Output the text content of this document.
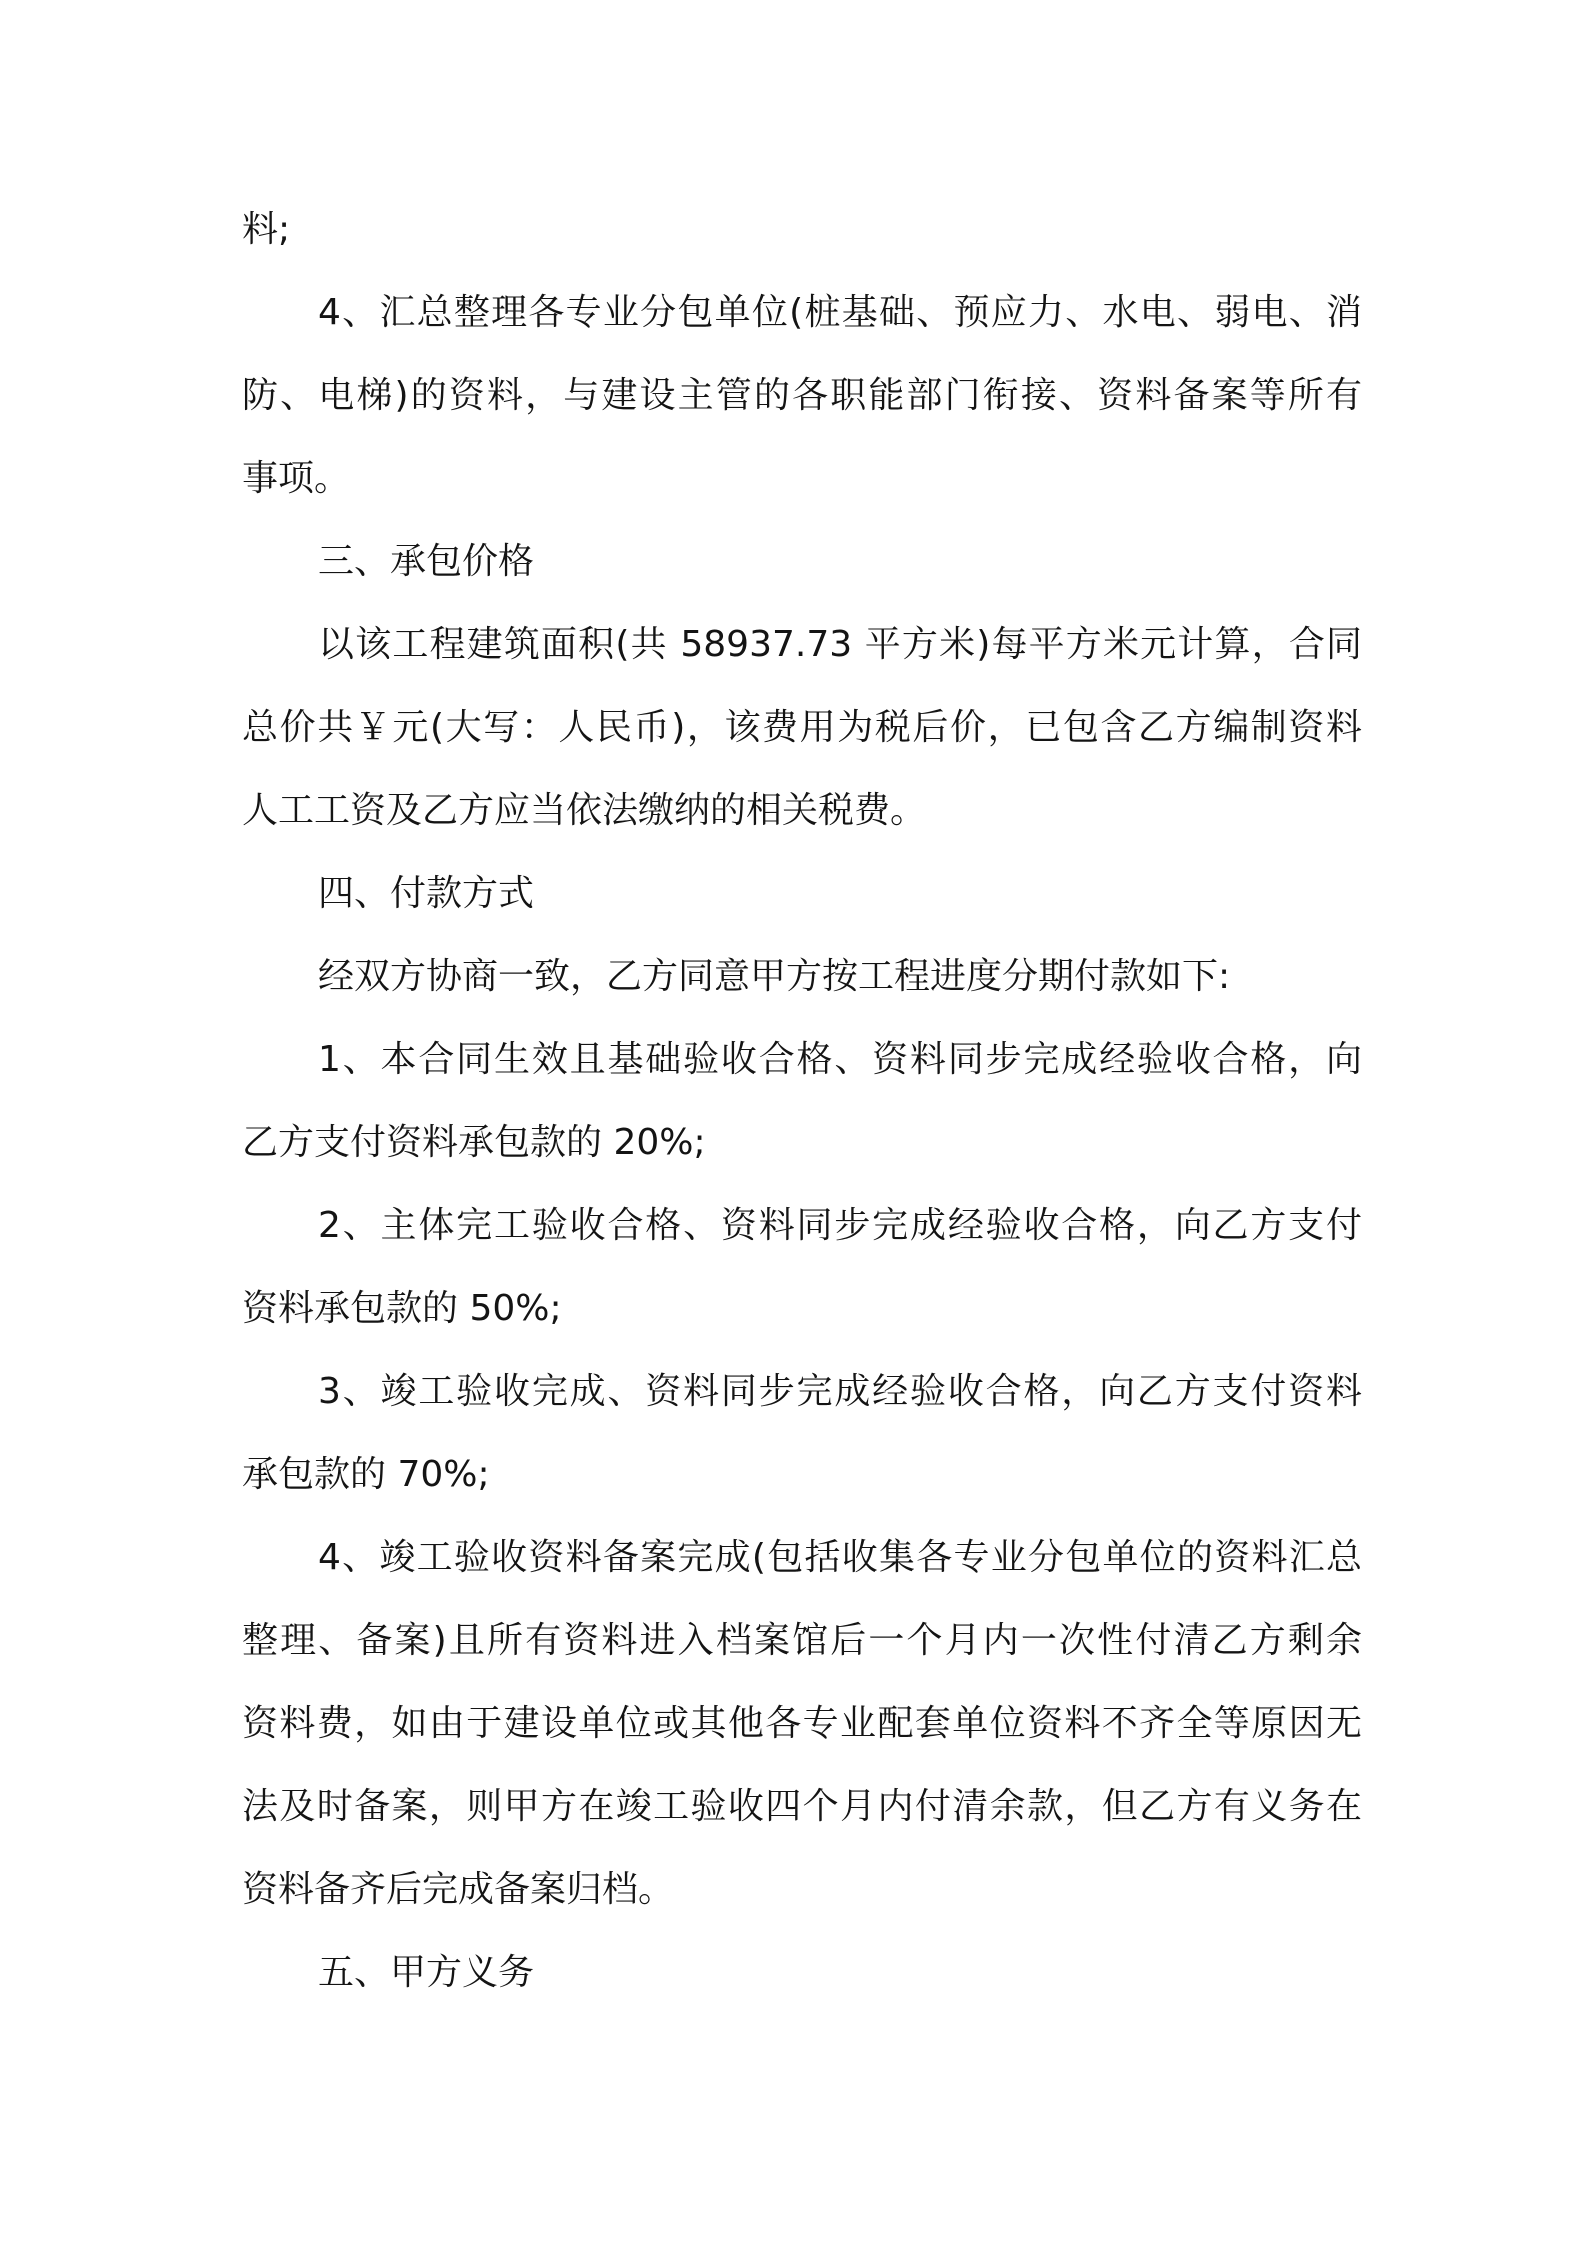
料;
4、汇总整理各专业分包单位(桩基础、预应力、水电、弱电、消
防、电梯)的资料，与建设主管的各职能部门衔接、资料备案等所有
事项。
三、承包价格
以该工程建筑面积(共 58937.73 平方米)每平方米元计算，合同
总价共￥元(大写：人民币)，该费用为税后价，已包含乙方编制资料
人工工资及乙方应当依法缴纳的相关税费。
四、付款方式
经双方协商一致，乙方同意甲方按工程进度分期付款如下:
1、本合同生效且基础验收合格、资料同步完成经验收合格，向
乙方支付资料承包款的 20%;
2、主体完工验收合格、资料同步完成经验收合格，向乙方支付
资料承包款的 50%;
3、竣工验收完成、资料同步完成经验收合格，向乙方支付资料
承包款的 70%;
4、竣工验收资料备案完成(包括收集各专业分包单位的资料汇总
整理、备案)且所有资料进入档案馆后一个月内一次性付清乙方剩余
资料费，如由于建设单位或其他各专业配套单位资料不齐全等原因无
法及时备案，则甲方在竣工验收四个月内付清余款，但乙方有义务在
资料备齐后完成备案归档。
五、甲方义务
